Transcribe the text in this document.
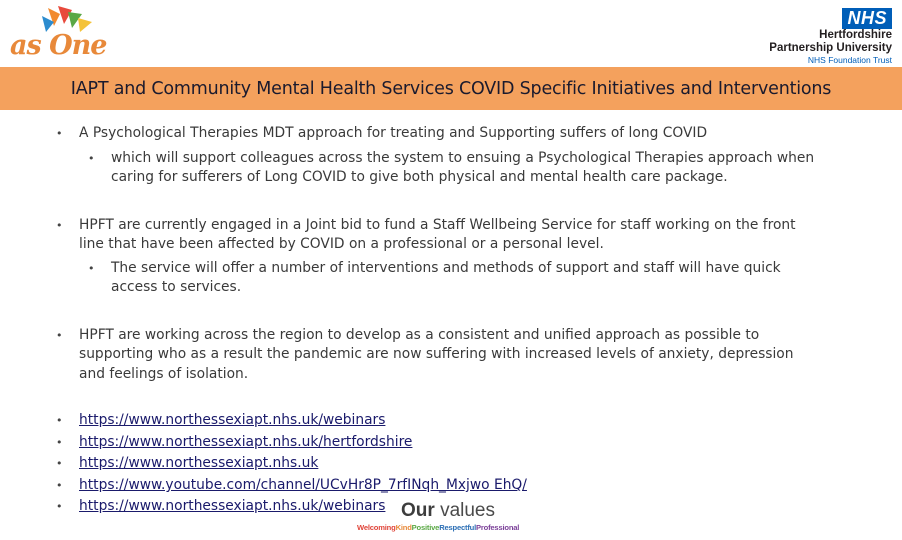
as One
NHS
Hertfordshire
Partnership University
NHS Foundation Trust
IAPT and Community Mental Health Services COVID Specific Initiatives and Interventions
• A Psychological Therapies MDT approach for treating and Supporting suffers of long COVID
• which will support colleagues across the system to ensuing a Psychological Therapies approach when
caring for sufferers of Long COVID to give both physical and mental health care package.
• HPFT are currently engaged in a Joint bid to fund a Staff Wellbeing Service for staff working on the front
line that have been affected by COVID on a professional or a personal level.
• The service will offer a number of interventions and methods of support and staff will have quick
access to services.
• HPFT are working across the region to develop as a consistent and unified approach as possible to
supporting who as a result the pandemic are now suffering with increased levels of anxiety, depression
and feelings of isolation.
• https://www.northessexiapt.nhs.uk/webinars
• https://www.northessexiapt.nhs.uk/hertfordshire
• https://www.northessexiapt.nhs.uk
• https://www.youtube.com/channel/UCvHr8P_7rfINqh_Mxjwo EhQ/
• https://www.northessexiapt.nhs.uk/webinars Our values
WelcomingKindPositiveRespectfulProfessional
